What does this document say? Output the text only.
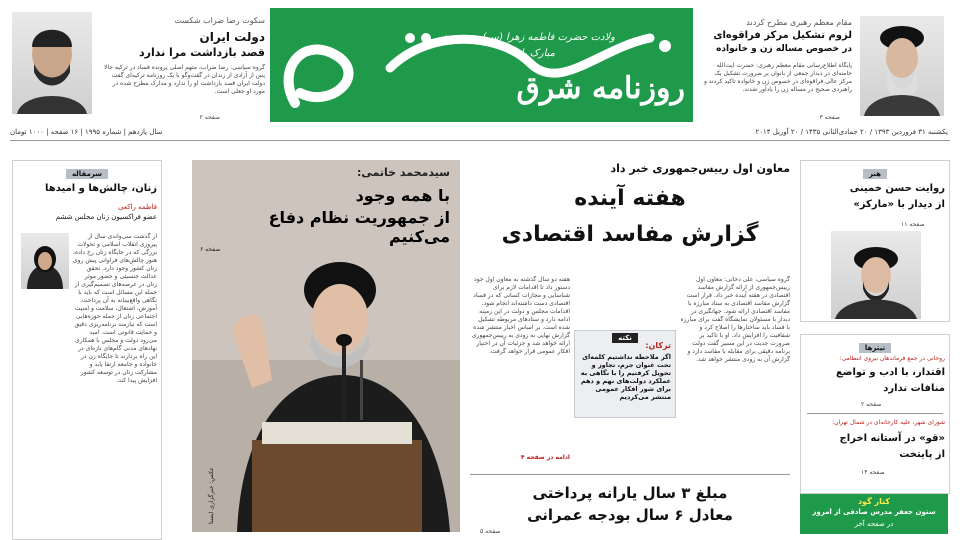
روزنامه شرق
ولادت حضرت فاطمه زهرا (س) و روز زن
مبارک باد
یکشنبه ۳۱ فروردین ۱۳۹۳ / ۲۰ جمادی‌الثانی ۱۴۳۵ / ۲۰ آوریل ۲۰۱۴
سال یازدهم | شماره ۱۹۹۵ | ۱۶ صفحه | ۱۰۰۰ تومان
سکوت رضا ضراب شکست
دولت ایران
قصد بازداشت مرا ندارد
گروه سیاسی: رضا ضراب، متهم اصلی پرونده فساد در ترکیه حالا پس از آزادی از زندان در گفت‌وگو با یک روزنامه ترکیه‌ای گفت دولت ایران قصد بازداشت او را ندارد و مدارک مطرح شده در مورد او جعلی است.
صفحه ۲
مقام معظم رهبری مطرح کردند
لزوم تشکیل مرکز فراقوه‌ای
در خصوص مساله زن و خانواده
پایگاه اطلاع‌رسانی مقام معظم رهبری: حضرت آیت‌الله خامنه‌ای در دیدار جمعی از بانوان بر ضرورت تشکیل یک مرکز عالی فراقوه‌ای در خصوص زن و خانواده تاکید کردند و راهبردی صحیح در مساله زن را یادآور شدند.
صفحه ۳
سرمقاله
زنان، چالش‌ها و امیدها
فاطمه راکعی
عضو فراکسیون زنان مجلس ششم
از گذشت سی‌و‌اندی سال از پیروزی انقلاب اسلامی و تحولات بزرگی که در جایگاه زنان رخ داده، هنوز چالش‌های فراوانی پیش روی زنان کشور وجود دارد. تحقق عدالت جنسیتی و حضور موثر زنان در عرصه‌های تصمیم‌گیری از جمله این مسائل است که باید با نگاهی واقع‌بینانه به آن پرداخت. آموزش، اشتغال، سلامت و امنیت اجتماعی زنان از جمله حوزه‌هایی است که نیازمند برنامه‌ریزی دقیق و حمایت قانونی است. امید می‌رود دولت و مجلس با همکاری نهادهای مدنی گام‌های تازه‌ای در این راه بردارند تا جایگاه زن در خانواده و جامعه ارتقا یابد و مشارکت زنان در توسعه کشور افزایش پیدا کند.
سیدمحمد خاتمی:
با همه وجود
از جمهوریت نظام دفاع می‌کنیم
صفحه ۶
عکس: خبرگزاری ایسنا
معاون اول رییس‌جمهوری خبر داد
هفته آینده
گزارش مفاسد اقتصادی
گروه سیاسی، علی دخانی: معاون اول رییس‌جمهوری از ارائه گزارش مفاسد اقتصادی در هفته آینده خبر داد. قرار است گزارش مفاسد اقتصادی به ستاد مبارزه با مفاسد اقتصادی ارائه شود. جهانگیری در دیدار با مسئولان نمایشگاه گفت برای مبارزه با فساد باید ساختارها را اصلاح کرد و شفافیت را افزایش داد. او با تاکید بر ضرورت جدیت در این مسیر گفت دولت برنامه دقیقی برای مقابله با مفاسد دارد و گزارش آن به زودی منتشر خواهد شد.
نکته
ترکان:
اگر ملاحظه نداشتیم کلمه‌ای تحت عنوان جرم، تجاوز و تحویل کرفتیم را با نگاهی به عملکرد دولت‌های نهم و دهم برای شور افکار عمومی منتشر می‌کردیم
هفته دو سال گذشته به معاون اول خود دستور داد تا اقدامات لازم برای شناسایی و مجازات کسانی که در فساد اقتصادی دست داشته‌اند انجام شود. اقدامات مجلس و دولت در این زمینه ادامه دارد و ستادهای مربوطه تشکیل شده است. بر اساس اخبار منتشر شده گزارش نهایی به زودی به رییس‌جمهوری ارائه خواهد شد و جزئیات آن در اختیار افکار عمومی قرار خواهد گرفت.
ادامه در صفحه ۴
مبلغ ۳ سال یارانه پرداختی
معادل ۶ سال بودجه عمرانی
صفحه ۵
هنر
روایت حسن خمینی
از دیدار با «مارکز»
صفحه ۱۱
تیترها
روحانی در جمع فرماندهان نیروی انتظامی:
اقتدار، با ادب و تواضع
منافات ندارد
صفحه ۲
شورای شهر، علیه کارخانه‌ای در شمال تهران:
«قو» در آستانه اخراج
از پایتخت
صفحه ۱۴
کنار گود
ستون جعفر مدرس صادقی از امروز
در صفحه آخر
